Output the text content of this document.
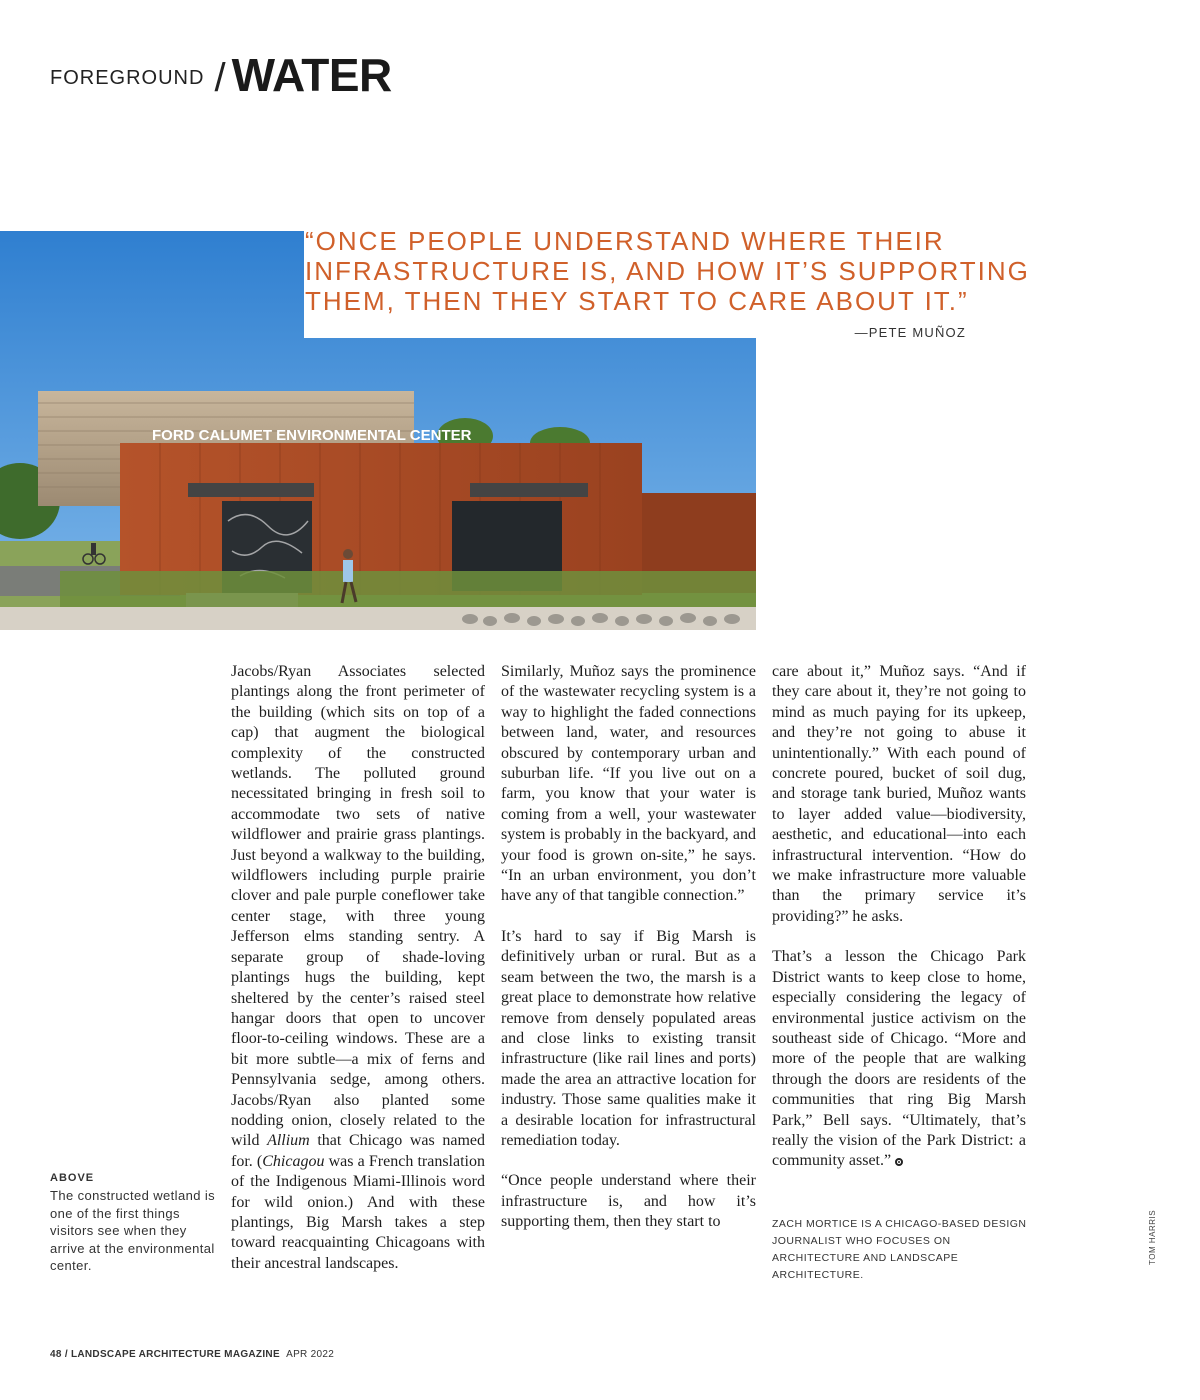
FOREGROUND / WATER
FORD CALUMET ENVIRONMENTAL CENTER
“ONCE PEOPLE UNDERSTAND WHERE THEIR INFRASTRUCTURE IS, AND HOW IT’S SUPPORTING THEM, THEN THEY START TO CARE ABOUT IT.”
—PETE MUÑOZ

Jacobs/Ryan Associates selected plantings along the front perimeter of the building (which sits on top of a cap) that augment the biological complexity of the constructed wetlands. The polluted ground necessitated bringing in fresh soil to accommodate two sets of native wildflower and prairie grass plantings. Just beyond a walkway to the building, wildflowers including purple prairie clover and pale purple coneflower take center stage, with three young Jefferson elms standing sentry. A separate group of shade-loving plantings hugs the building, kept sheltered by the center’s raised steel hangar doors that open to uncover floor-to-ceiling windows. These are a bit more subtle—a mix of ferns and Pennsylvania sedge, among others. Jacobs/Ryan also planted some nodding onion, closely related to the wild Allium that Chicago was named for. (Chicagou was a French translation of the Indigenous Miami-Illinois word for wild onion.) And with these plantings, Big Marsh takes a step toward reacquainting Chicagoans with their ancestral landscapes.

Similarly, Muñoz says the prominence of the wastewater recycling system is a way to highlight the faded connections between land, water, and resources obscured by contemporary urban and suburban life. “If you live out on a farm, you know that your water is coming from a well, your wastewater system is probably in the backyard, and your food is grown on-site,” he says. “In an urban environment, you don’t have any of that tangible connection.”

It’s hard to say if Big Marsh is definitively urban or rural. But as a seam between the two, the marsh is a great place to demonstrate how relative remove from densely populated areas and close links to existing transit infrastructure (like rail lines and ports) made the area an attractive location for industry. Those same qualities make it a desirable location for infrastructural remediation today.

“Once people understand where their infrastructure is, and how it’s supporting them, then they start to

care about it,” Muñoz says. “And if they care about it, they’re not going to mind as much paying for its upkeep, and they’re not going to abuse it unintentionally.” With each pound of concrete poured, bucket of soil dug, and storage tank buried, Muñoz wants to layer added value—biodiversity, aesthetic, and educational—into each infrastructural intervention. “How do we make infrastructure more valuable than the primary service it’s providing?” he asks.

That’s a lesson the Chicago Park District wants to keep close to home, especially considering the legacy of environmental justice activism on the southeast side of Chicago. “More and more of the people that are walking through the doors are residents of the communities that ring Big Marsh Park,” Bell says. “Ultimately, that’s really the vision of the Park District: a community asset.”

ZACH MORTICE IS A CHICAGO-BASED DESIGN JOURNALIST WHO FOCUSES ON ARCHITECTURE AND LANDSCAPE ARCHITECTURE.
ABOVE
The constructed wetland is one of the first things visitors see when they arrive at the environmental center.
TOM HARRIS
48 / LANDSCAPE ARCHITECTURE MAGAZINE APR 2022
